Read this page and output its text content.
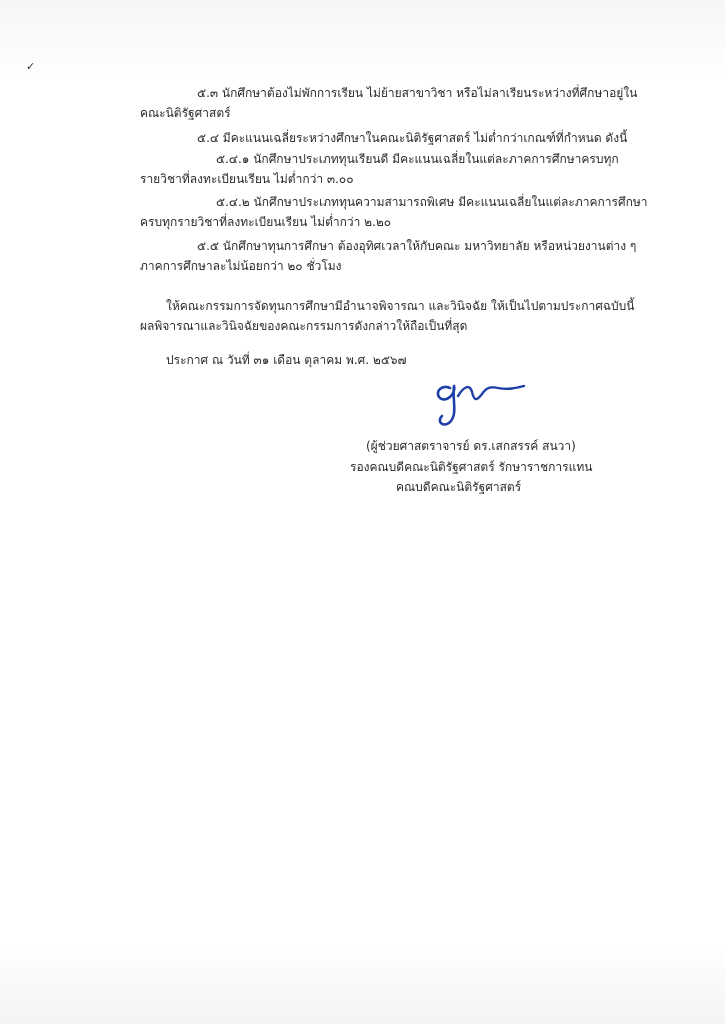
✓
๕.๓ นักศึกษาต้องไม่พักการเรียน ไม่ย้ายสาขาวิชา หรือไม่ลาเรียนระหว่างที่ศึกษาอยู่ใน
คณะนิติรัฐศาสตร์
๕.๔ มีคะแนนเฉลี่ยระหว่างศึกษาในคณะนิติรัฐศาสตร์ ไม่ต่ำกว่าเกณฑ์ที่กำหนด ดังนี้
๕.๔.๑ นักศึกษาประเภททุนเรียนดี มีคะแนนเฉลี่ยในแต่ละภาคการศึกษาครบทุก
รายวิชาที่ลงทะเบียนเรียน ไม่ต่ำกว่า ๓.๐๐
๕.๔.๒ นักศึกษาประเภททุนความสามารถพิเศษ มีคะแนนเฉลี่ยในแต่ละภาคการศึกษา
ครบทุกรายวิชาที่ลงทะเบียนเรียน ไม่ต่ำกว่า ๒.๒๐
๕.๕ นักศึกษาทุนการศึกษา ต้องอุทิศเวลาให้กับคณะ มหาวิทยาลัย หรือหน่วยงานต่าง ๆ
ภาคการศึกษาละไม่น้อยกว่า ๒๐ ชั่วโมง
ให้คณะกรรมการจัดทุนการศึกษามีอำนาจพิจารณา และวินิจฉัย ให้เป็นไปตามประกาศฉบับนี้
ผลพิจารณาและวินิจฉัยของคณะกรรมการดังกล่าวให้ถือเป็นที่สุด
ประกาศ ณ วันที่ ๓๑ เดือน ตุลาคม พ.ศ. ๒๕๖๗
(ผู้ช่วยศาสตราจารย์ ดร.เสกสรรค์ สนวา)
รองคณบดีคณะนิติรัฐศาสตร์ รักษาราชการแทน
คณบดีคณะนิติรัฐศาสตร์
